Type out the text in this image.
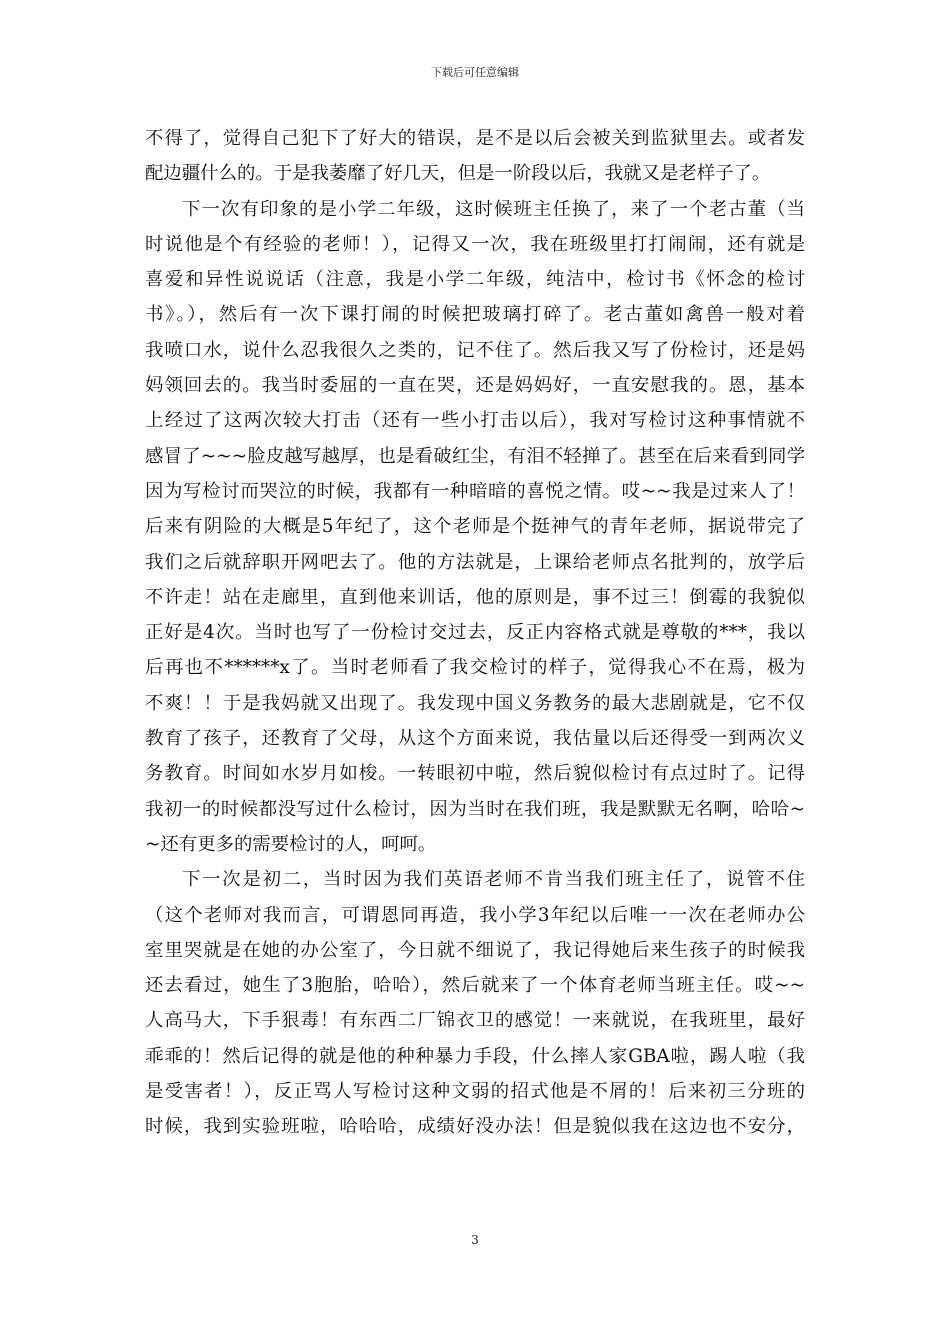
下载后可任意编辑
不得了，觉得自己犯下了好大的错误，是不是以后会被关到监狱里去。或者发
配边疆什么的。于是我萎靡了好几天，但是一阶段以后，我就又是老样子了。
下一次有印象的是小学二年级，这时候班主任换了，来了一个老古董（当
时说他是个有经验的老师！），记得又一次，我在班级里打打闹闹，还有就是
喜爱和异性说说话（注意，我是小学二年级，纯洁中，检讨书《怀念的检讨
书》。），然后有一次下课打闹的时候把玻璃打碎了。老古董如禽兽一般对着
我喷口水，说什么忍我很久之类的，记不住了。然后我又写了份检讨，还是妈
妈领回去的。我当时委屈的一直在哭，还是妈妈好，一直安慰我的。恩，基本
上经过了这两次较大打击（还有一些小打击以后），我对写检讨这种事情就不
感冒了~~~脸皮越写越厚，也是看破红尘，有泪不轻掸了。甚至在后来看到同学
因为写检讨而哭泣的时候，我都有一种暗暗的喜悦之情。哎~~我是过来人了！
后来有阴险的大概是5年纪了，这个老师是个挺神气的青年老师，据说带完了
我们之后就辞职开网吧去了。他的方法就是，上课给老师点名批判的，放学后
不许走！站在走廊里，直到他来训话，他的原则是，事不过三！倒霉的我貌似
正好是4次。当时也写了一份检讨交过去，反正内容格式就是尊敬的***，我以
后再也不******x了。当时老师看了我交检讨的样子，觉得我心不在焉，极为
不爽！！于是我妈就又出现了。我发现中国义务教务的最大悲剧就是，它不仅
教育了孩子，还教育了父母，从这个方面来说，我估量以后还得受一到两次义
务教育。时间如水岁月如梭。一转眼初中啦，然后貌似检讨有点过时了。记得
我初一的时候都没写过什么检讨，因为当时在我们班，我是默默无名啊，哈哈~
~还有更多的需要检讨的人，呵呵。
下一次是初二，当时因为我们英语老师不肯当我们班主任了，说管不住
（这个老师对我而言，可谓恩同再造，我小学3年纪以后唯一一次在老师办公
室里哭就是在她的办公室了，今日就不细说了，我记得她后来生孩子的时候我
还去看过，她生了3胞胎，哈哈），然后就来了一个体育老师当班主任。哎~~
人高马大，下手狠毒！有东西二厂锦衣卫的感觉！一来就说，在我班里，最好
乖乖的！然后记得的就是他的种种暴力手段，什么摔人家GBA啦，踢人啦（我
是受害者！），反正骂人写检讨这种文弱的招式他是不屑的！后来初三分班的
时候，我到实验班啦，哈哈哈，成绩好没办法！但是貌似我在这边也不安分，
3
